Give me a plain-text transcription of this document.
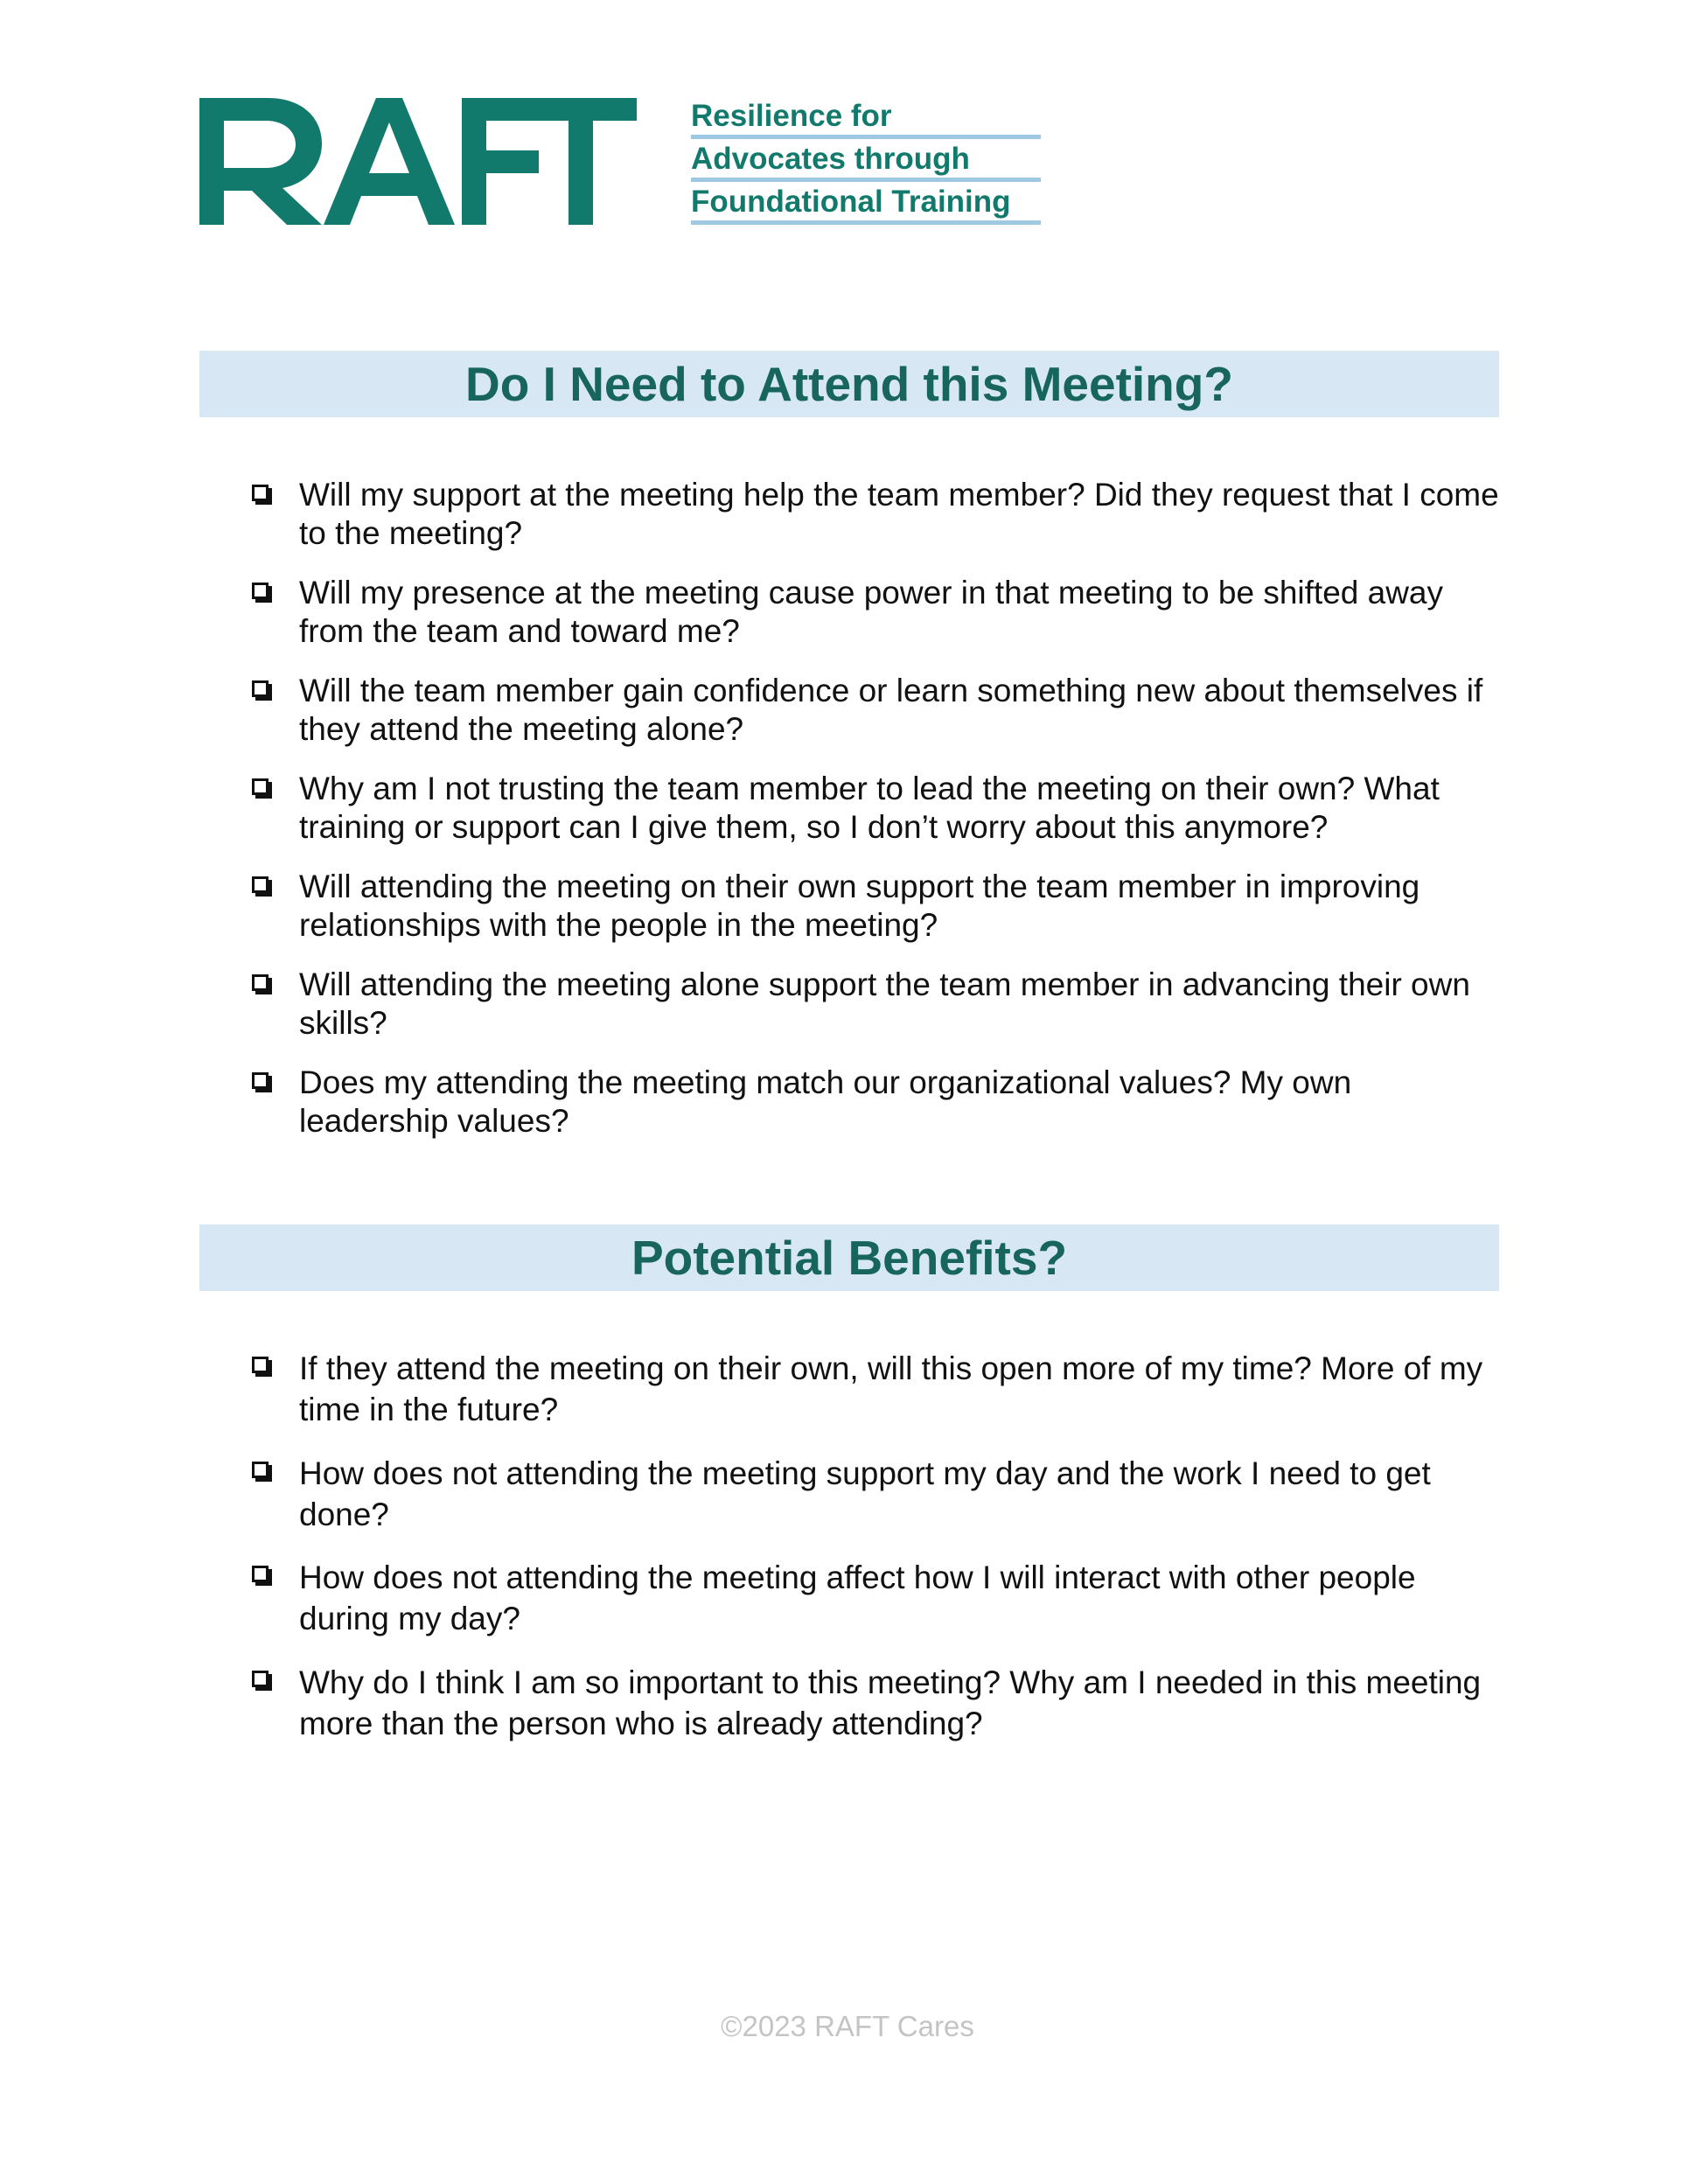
Resilience for
Advocates through
Foundational Training
Do I Need to Attend this Meeting?
Will my support at the meeting help the team member? Did they request that I come to the meeting?
Will my presence at the meeting cause power in that meeting to be shifted away from the team and toward me?
Will the team member gain confidence or learn something new about themselves if they attend the meeting alone?
Why am I not trusting the team member to lead the meeting on their own? What training or support can I give them, so I don’t worry about this anymore?
Will attending the meeting on their own support the team member in improving relationships with the people in the meeting?
Will attending the meeting alone support the team member in advancing their own skills?
Does my attending the meeting match our organizational values? My own leadership values?
Potential Benefits?
If they attend the meeting on their own, will this open more of my time? More of my time in the future?
How does not attending the meeting support my day and the work I need to get done?
How does not attending the meeting affect how I will interact with other people during my day?
Why do I think I am so important to this meeting? Why am I needed in this meeting more than the person who is already attending?
©2023 RAFT Cares
